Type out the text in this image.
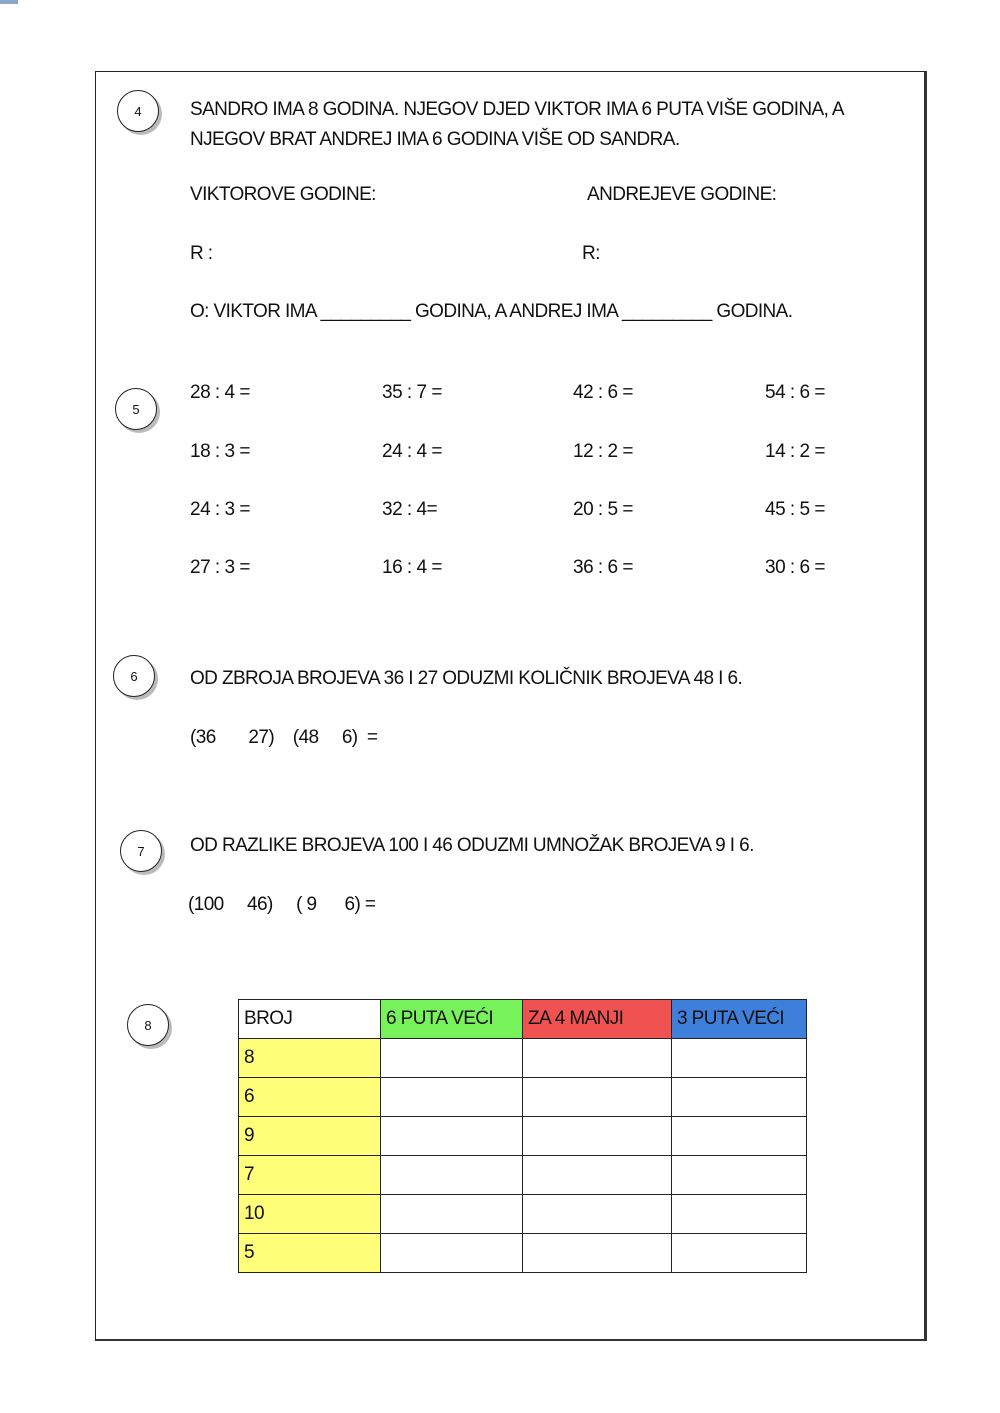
4	SANDRO IMA 8 GODINA. NJEGOV DJED VIKTOR IMA 6 PUTA VIŠE GODINA, A NJEGOV BRAT ANDREJ IMA 6 GODINA VIŠE OD SANDRA.
VIKTOROVE GODINE:	ANDREJEVE GODINE:
R :	R:
O: VIKTOR IMA _________ GODINA, A ANDREJ IMA _________ GODINA.
5
28 : 4 =	35 : 7 =	42 : 6 =	54 : 6 =
18 : 3 =	24 : 4 =	12 : 2 =	14 : 2 =
24 : 3 =	32 : 4=	20 : 5 =	45 : 5 =
27 : 3 =	16 : 4 =	36 : 6 =	30 : 6 =
6	OD ZBROJA BROJEVA 36 I 27 ODUZMI KOLIČNIK BROJEVA 48 I 6.
(36       27)    (48     6)  =
7	OD RAZLIKE BROJEVA 100 I 46 ODUZMI UMNOŽAK BROJEVA 9 I 6.
(100     46)     ( 9      6) =
8	BROJ	6 PUTA VEĆI	ZA 4 MANJI	3 PUTA VEĆI
8			
6			
9			
7			
10			
5			
